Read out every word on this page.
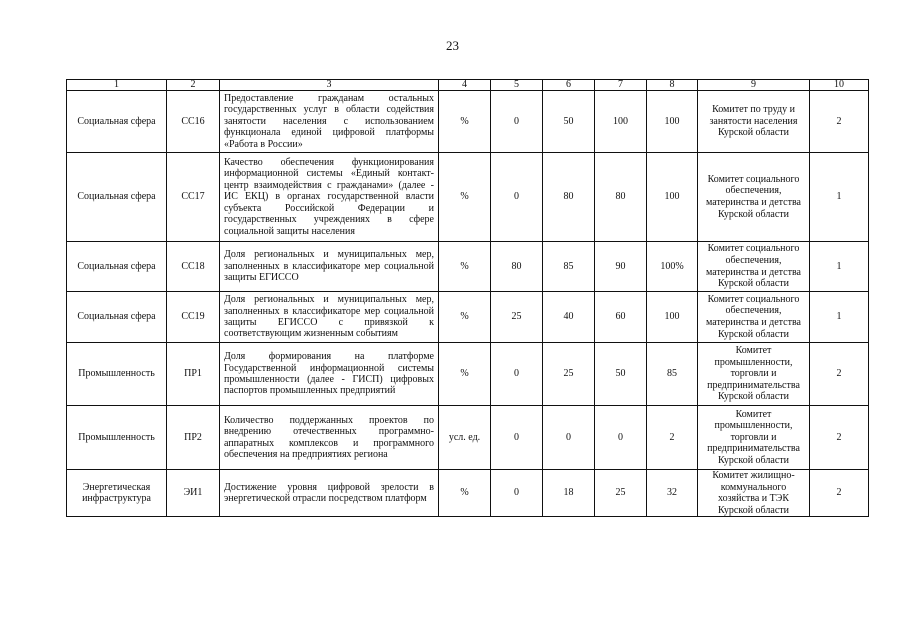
23
1	2	3	4	5	6	7	8	9	10
Социальная сфера	СС16	Предоставление гражданам остальных государственных услуг в области содействия занятости населения с использованием функционала единой цифровой платформы «Работа в России»	%	0	50	100	100	Комитет по труду и занятости населения Курской области	2
Социальная сфера	СС17	Качество обеспечения функционирования информационной системы «Единый контакт-центр взаимодействия с гражданами» (далее - ИС ЕКЦ) в органах государственной власти субъекта Российской Федерации и государственных учреждениях в сфере социальной защиты населения	%	0	80	80	100	Комитет социального обеспечения, материнства и детства Курской области	1
Социальная сфера	СС18	Доля региональных и муниципальных мер, заполненных в классификаторе мер социальной защиты ЕГИССО	%	80	85	90	100%	Комитет социального обеспечения, материнства и детства Курской области	1
Социальная сфера	СС19	Доля региональных и муниципальных мер, заполненных в классификаторе мер социальной защиты ЕГИССО с привязкой к соответствующим жизненным событиям	%	25	40	60	100	Комитет социального обеспечения, материнства и детства Курской области	1
Промышленность	ПР1	Доля формирования на платформе Государственной информационной системы промышленности (далее - ГИСП) цифровых паспортов промышленных предприятий	%	0	25	50	85	Комитет промышленности, торговли и предпринимательства Курской области	2
Промышленность	ПР2	Количество поддержанных проектов по внедрению отечественных программно-аппаратных комплексов и программного обеспечения на предприятиях региона	усл. ед.	0	0	0	2	Комитет промышленности, торговли и предпринимательства Курской области	2
Энергетическая инфраструктура	ЭИ1	Достижение уровня цифровой зрелости в энергетической отрасли посредством платформ	%	0	18	25	32	Комитет жилищно-коммунального хозяйства и ТЭК Курской области	2
